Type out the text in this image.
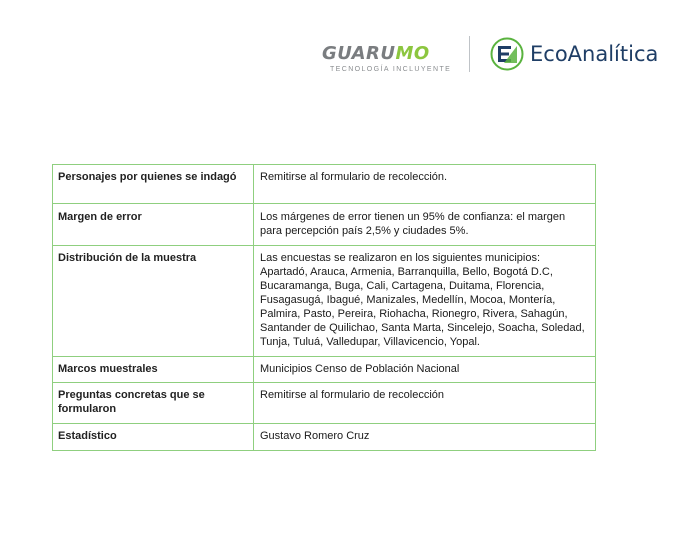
GUARUMO
TECNOLOGÍA INCLUYENTE
EcoAnalítica
Personajes por quienes se indagó	Remitirse al formulario de recolección.
Margen de error	Los márgenes de error tienen un 95% de confianza: el margen para percepción país 2,5% y ciudades 5%.
Distribución de la muestra	Las encuestas se realizaron en los siguientes municipios: Apartadó, Arauca, Armenia, Barranquilla, Bello, Bogotá D.C, Bucaramanga, Buga, Cali, Cartagena, Duitama, Florencia, Fusagasugá, Ibagué, Manizales, Medellín, Mocoa, Montería, Palmira, Pasto, Pereira, Riohacha, Rionegro, Rivera, Sahagún, Santander de Quilichao, Santa Marta, Sincelejo, Soacha, Soledad, Tunja, Tuluá, Valledupar, Villavicencio, Yopal.
Marcos muestrales	Municipios Censo de Población Nacional
Preguntas concretas que se formularon	Remitirse al formulario de recolección
Estadístico	Gustavo Romero Cruz
